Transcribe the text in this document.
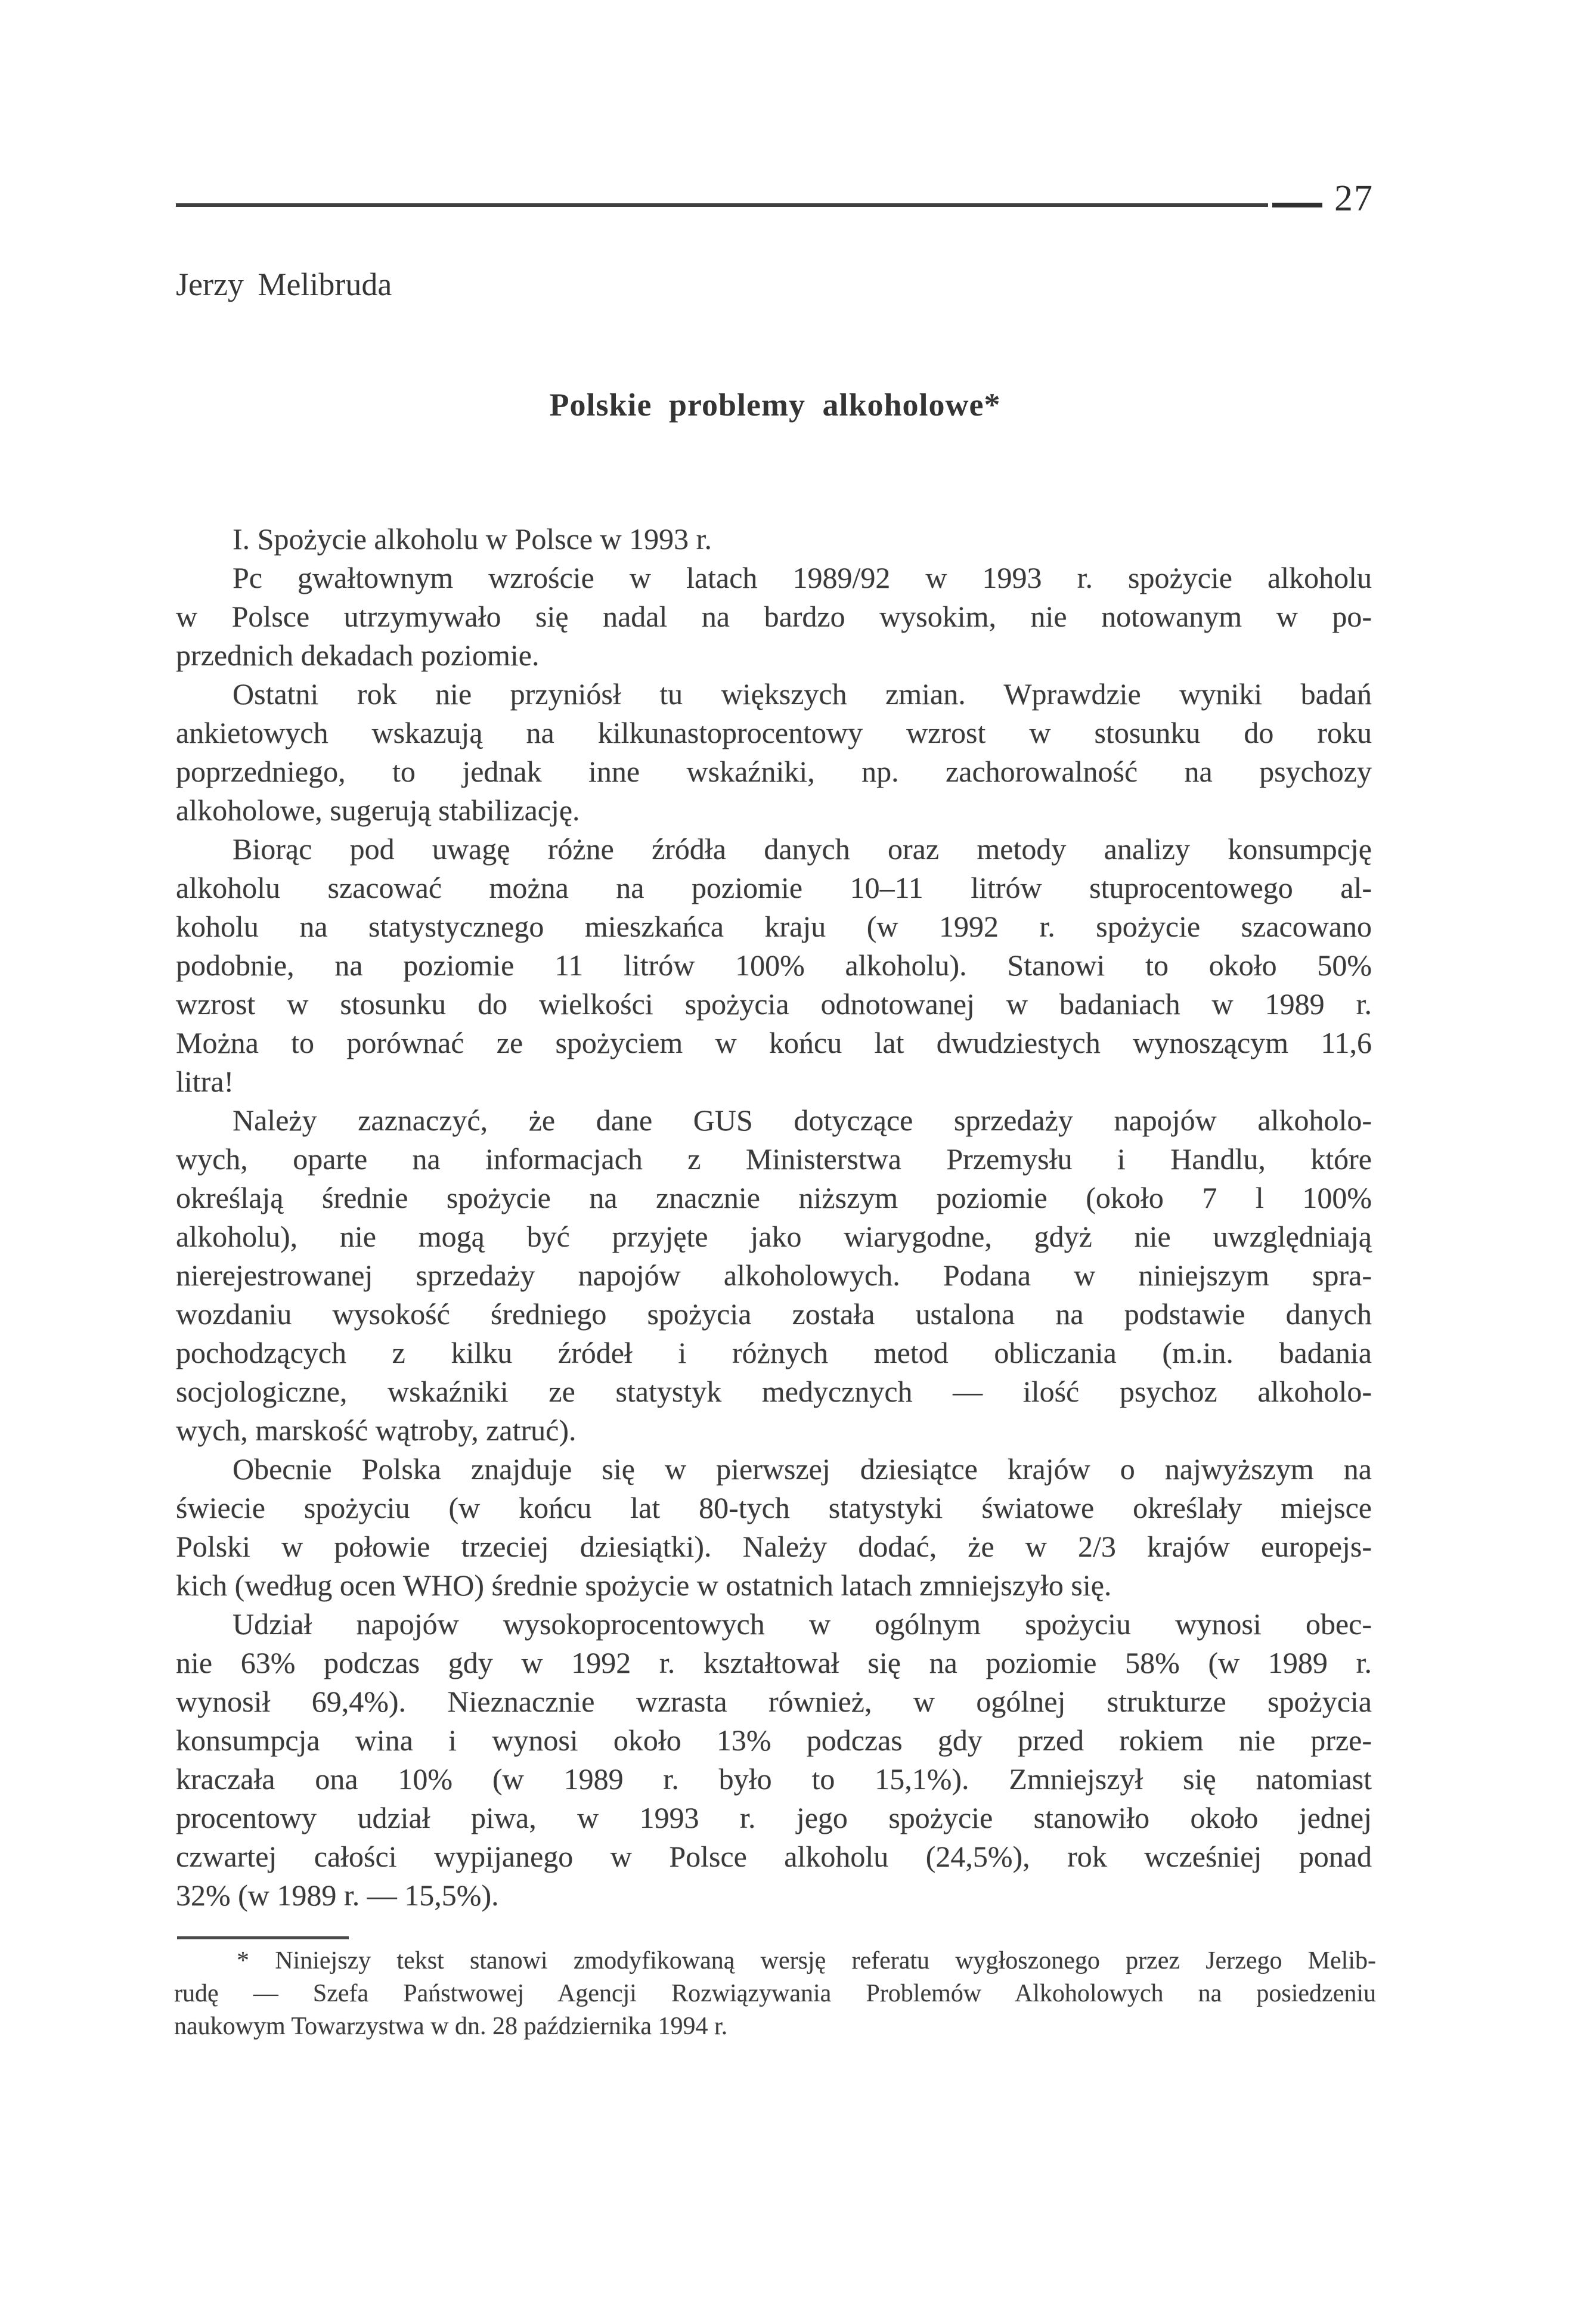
27
Jerzy Melibruda
Polskie problemy alkoholowe*
I. Spożycie alkoholu w Polsce w 1993 r.
Pc gwałtownym wzroście w latach 1989/92 w 1993 r. spożycie alkoholu
w Polsce utrzymywało się nadal na bardzo wysokim, nie notowanym w po-
przednich dekadach poziomie.
Ostatni rok nie przyniósł tu większych zmian. Wprawdzie wyniki badań
ankietowych wskazują na kilkunastoprocentowy wzrost w stosunku do roku
poprzedniego, to jednak inne wskaźniki, np. zachorowalność na psychozy
alkoholowe, sugerują stabilizację.
Biorąc pod uwagę różne źródła danych oraz metody analizy konsumpcję
alkoholu szacować można na poziomie 10–11 litrów stuprocentowego al-
koholu na statystycznego mieszkańca kraju (w 1992 r. spożycie szacowano
podobnie, na poziomie 11 litrów 100% alkoholu). Stanowi to około 50%
wzrost w stosunku do wielkości spożycia odnotowanej w badaniach w 1989 r.
Można to porównać ze spożyciem w końcu lat dwudziestych wynoszącym 11,6
litra!
Należy zaznaczyć, że dane GUS dotyczące sprzedaży napojów alkoholo-
wych, oparte na informacjach z Ministerstwa Przemysłu i Handlu, które
określają średnie spożycie na znacznie niższym poziomie (około 7 l 100%
alkoholu), nie mogą być przyjęte jako wiarygodne, gdyż nie uwzględniają
nierejestrowanej sprzedaży napojów alkoholowych. Podana w niniejszym spra-
wozdaniu wysokość średniego spożycia została ustalona na podstawie danych
pochodzących z kilku źródeł i różnych metod obliczania (m.in. badania
socjologiczne, wskaźniki ze statystyk medycznych — ilość psychoz alkoholo-
wych, marskość wątroby, zatruć).
Obecnie Polska znajduje się w pierwszej dziesiątce krajów o najwyższym na
świecie spożyciu (w końcu lat 80-tych statystyki światowe określały miejsce
Polski w połowie trzeciej dziesiątki). Należy dodać, że w 2/3 krajów europejs-
kich (według ocen WHO) średnie spożycie w ostatnich latach zmniejszyło się.
Udział napojów wysokoprocentowych w ogólnym spożyciu wynosi obec-
nie 63% podczas gdy w 1992 r. kształtował się na poziomie 58% (w 1989 r.
wynosił 69,4%). Nieznacznie wzrasta również, w ogólnej strukturze spożycia
konsumpcja wina i wynosi około 13% podczas gdy przed rokiem nie prze-
kraczała ona 10% (w 1989 r. było to 15,1%). Zmniejszył się natomiast
procentowy udział piwa, w 1993 r. jego spożycie stanowiło około jednej
czwartej całości wypijanego w Polsce alkoholu (24,5%), rok wcześniej ponad
32% (w 1989 r. — 15,5%).
* Niniejszy tekst stanowi zmodyfikowaną wersję referatu wygłoszonego przez Jerzego Melib-
rudę — Szefa Państwowej Agencji Rozwiązywania Problemów Alkoholowych na posiedzeniu
naukowym Towarzystwa w dn. 28 października 1994 r.
